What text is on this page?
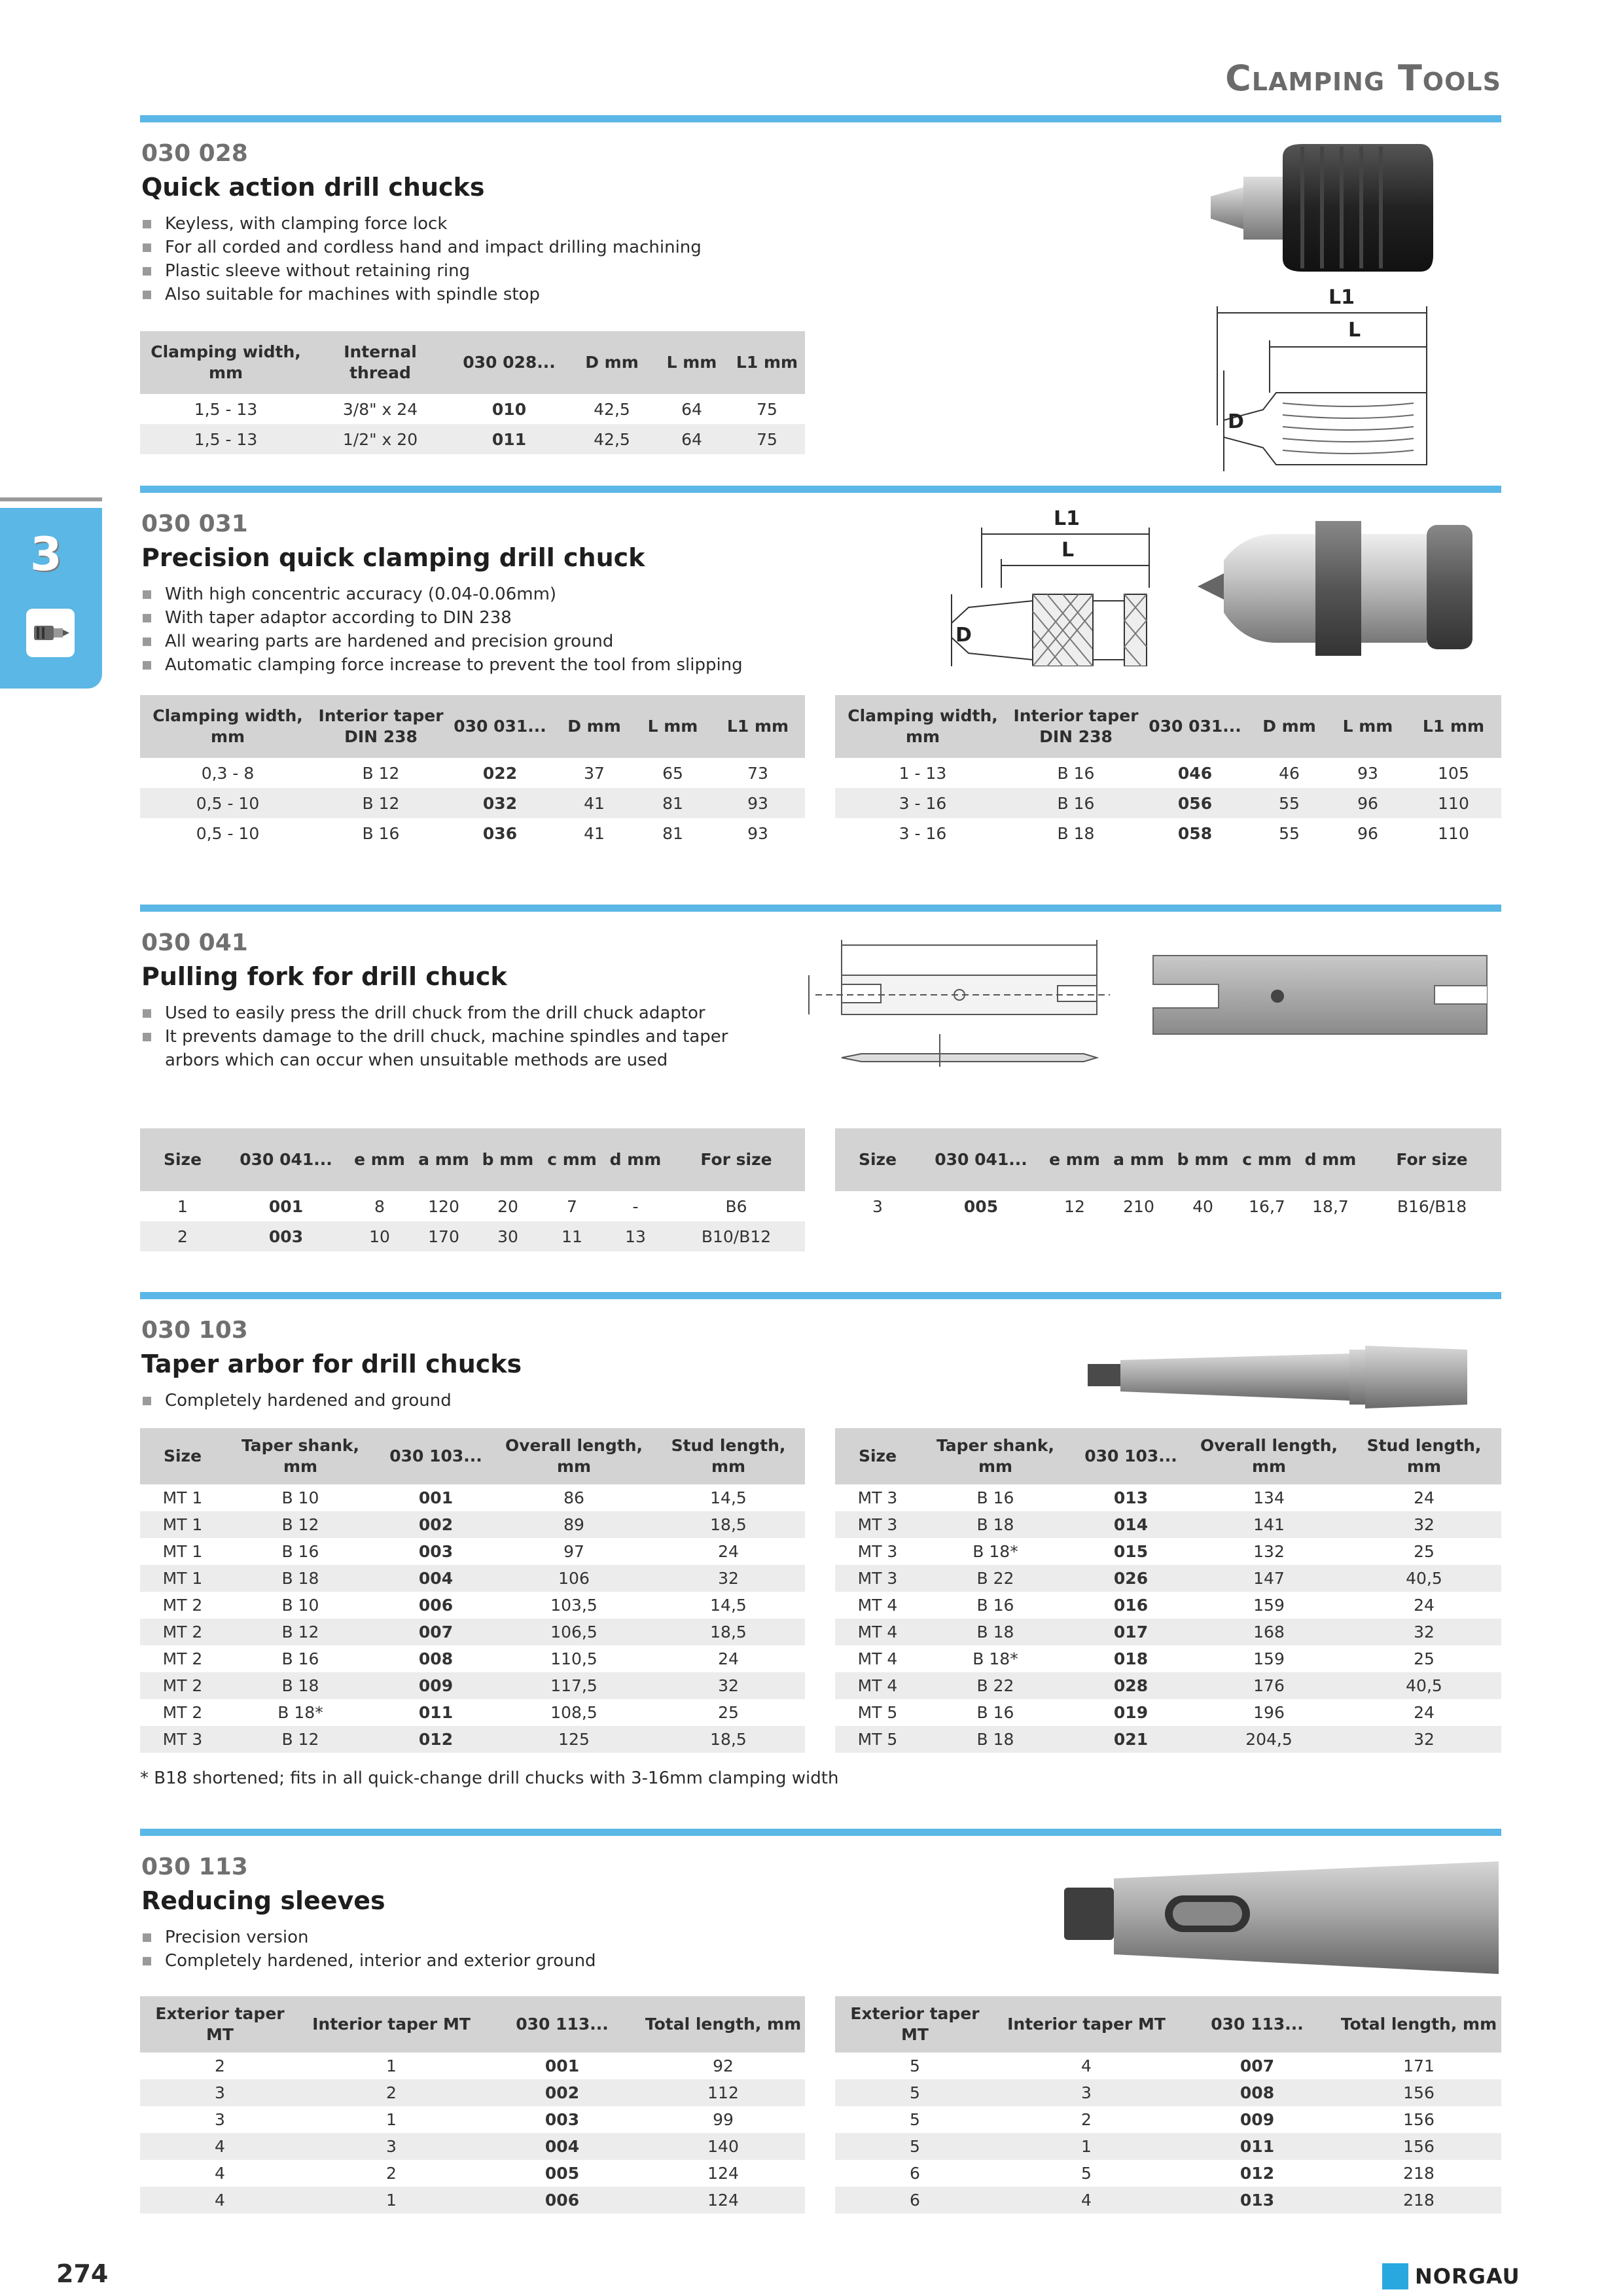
Clamping Tools
3
030 028
Quick action drill chucks
Keyless, with clamping force lock
For all corded and cordless hand and impact drilling machining
Plastic sleeve without retaining ring
Also suitable for machines with spindle stop
Clamping width, mm	Internal thread	030 028...	D mm	L mm	L1 mm
1,5 - 13	3/8" x 24	010	42,5	64	75
1,5 - 13	1/2" x 20	011	42,5	64	75
L1
L
D
030 031
Precision quick clamping drill chuck
With high concentric accuracy (0.04-0.06mm)
With taper adaptor according to DIN 238
All wearing parts are hardened and precision ground
Automatic clamping force increase to prevent the tool from slipping
Clamping width, mm	Interior taper DIN 238	030 031...	D mm	L mm	L1 mm
0,3 - 8	B 12	022	37	65	73
0,5 - 10	B 12	032	41	81	93
0,5 - 10	B 16	036	41	81	93
Clamping width, mm	Interior taper DIN 238	030 031...	D mm	L mm	L1 mm
1 - 13	B 16	046	46	93	105
3 - 16	B 16	056	55	96	110
3 - 16	B 18	058	55	96	110
L1
L
D
030 041
Pulling fork for drill chuck
Used to easily press the drill chuck from the drill chuck adaptor
It prevents damage to the drill chuck, machine spindles and taper arbors which can occur when unsuitable methods are used
Size	030 041...	e mm	a mm	b mm	c mm	d mm	For size
1	001	8	120	20	7	-	B6
2	003	10	170	30	11	13	B10/B12
Size	030 041...	e mm	a mm	b mm	c mm	d mm	For size
3	005	12	210	40	16,7	18,7	B16/B18
030 103
Taper arbor for drill chucks
Completely hardened and ground
Size	Taper shank, mm	030 103...	Overall length, mm	Stud length, mm
MT 1	B 10	001	86	14,5
MT 1	B 12	002	89	18,5
MT 1	B 16	003	97	24
MT 1	B 18	004	106	32
MT 2	B 10	006	103,5	14,5
MT 2	B 12	007	106,5	18,5
MT 2	B 16	008	110,5	24
MT 2	B 18	009	117,5	32
MT 2	B 18*	011	108,5	25
MT 3	B 12	012	125	18,5
Size	Taper shank, mm	030 103...	Overall length, mm	Stud length, mm
MT 3	B 16	013	134	24
MT 3	B 18	014	141	32
MT 3	B 18*	015	132	25
MT 3	B 22	026	147	40,5
MT 4	B 16	016	159	24
MT 4	B 18	017	168	32
MT 4	B 18*	018	159	25
MT 4	B 22	028	176	40,5
MT 5	B 16	019	196	24
MT 5	B 18	021	204,5	32
* B18 shortened; fits in all quick-change drill chucks with 3-16mm clamping width
030 113
Reducing sleeves
Precision version
Completely hardened, interior and exterior ground
Exterior taper MT	Interior taper MT	030 113...	Total length, mm
2	1	001	92
3	2	002	112
3	1	003	99
4	3	004	140
4	2	005	124
4	1	006	124
Exterior taper MT	Interior taper MT	030 113...	Total length, mm
5	4	007	171
5	3	008	156
5	2	009	156
5	1	011	156
6	5	012	218
6	4	013	218
274	NORGAU
